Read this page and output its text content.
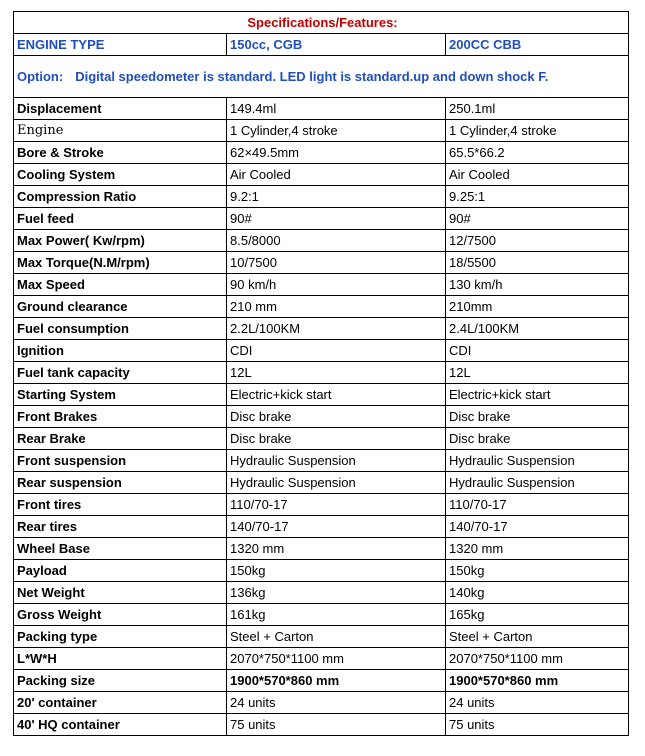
Specifications/Features:		
ENGINE TYPE	150cc, CGB	200CC CBB
Option: Digital speedometer is standard. LED light is standard.up and down shock F.		
Displacement	149.4ml	250.1ml
Engine	1 Cylinder,4 stroke	1 Cylinder,4 stroke
Bore & Stroke	62×49.5mm	65.5*66.2
Cooling System	Air Cooled	Air Cooled
Compression Ratio	9.2:1	9.25:1
Fuel feed	90#	90#
Max Power( Kw/rpm)	8.5/8000	12/7500
Max Torque(N.M/rpm)	10/7500	18/5500
Max Speed	90 km/h	130 km/h
Ground clearance	210 mm	210mm
Fuel consumption	2.2L/100KM	2.4L/100KM
Ignition	CDI	CDI
Fuel tank capacity	12L	12L
Starting System	Electric+kick start	Electric+kick start
Front Brakes	Disc brake	Disc brake
Rear Brake	Disc brake	Disc brake
Front suspension	Hydraulic Suspension	Hydraulic Suspension
Rear suspension	Hydraulic Suspension	Hydraulic Suspension
Front tires	110/70-17	110/70-17
Rear tires	140/70-17	140/70-17
Wheel Base	1320 mm	1320 mm
Payload	150kg	150kg
Net Weight	136kg	140kg
Gross Weight	161kg	165kg
Packing type	Steel + Carton	Steel + Carton
L*W*H	2070*750*1100 mm	2070*750*1100 mm
Packing size	1900*570*860 mm	1900*570*860 mm
20' container	24 units	24 units
40' HQ container	75 units	75 units
